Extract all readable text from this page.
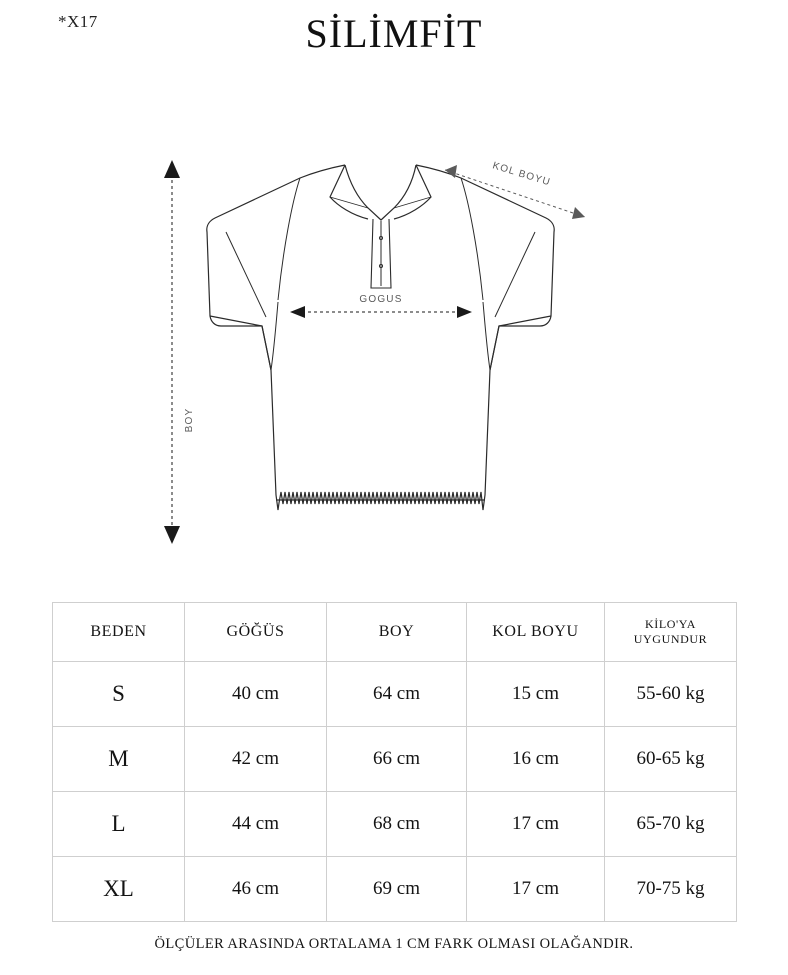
*X17	SİLİMFİT
KOL BOYU
GOGUS
BOY
BEDEN	GÖĞÜS	BOY	KOL BOYU	KİLO'YA
UYGUNDUR
S	40 cm	64 cm	15 cm	55-60 kg
M	42 cm	66 cm	16 cm	60-65 kg
L	44 cm	68 cm	17 cm	65-70 kg
XL	46 cm	69 cm	17 cm	70-75 kg
ÖLÇÜLER ARASINDA ORTALAMA 1 CM FARK OLMASI OLAĞANDIR.
